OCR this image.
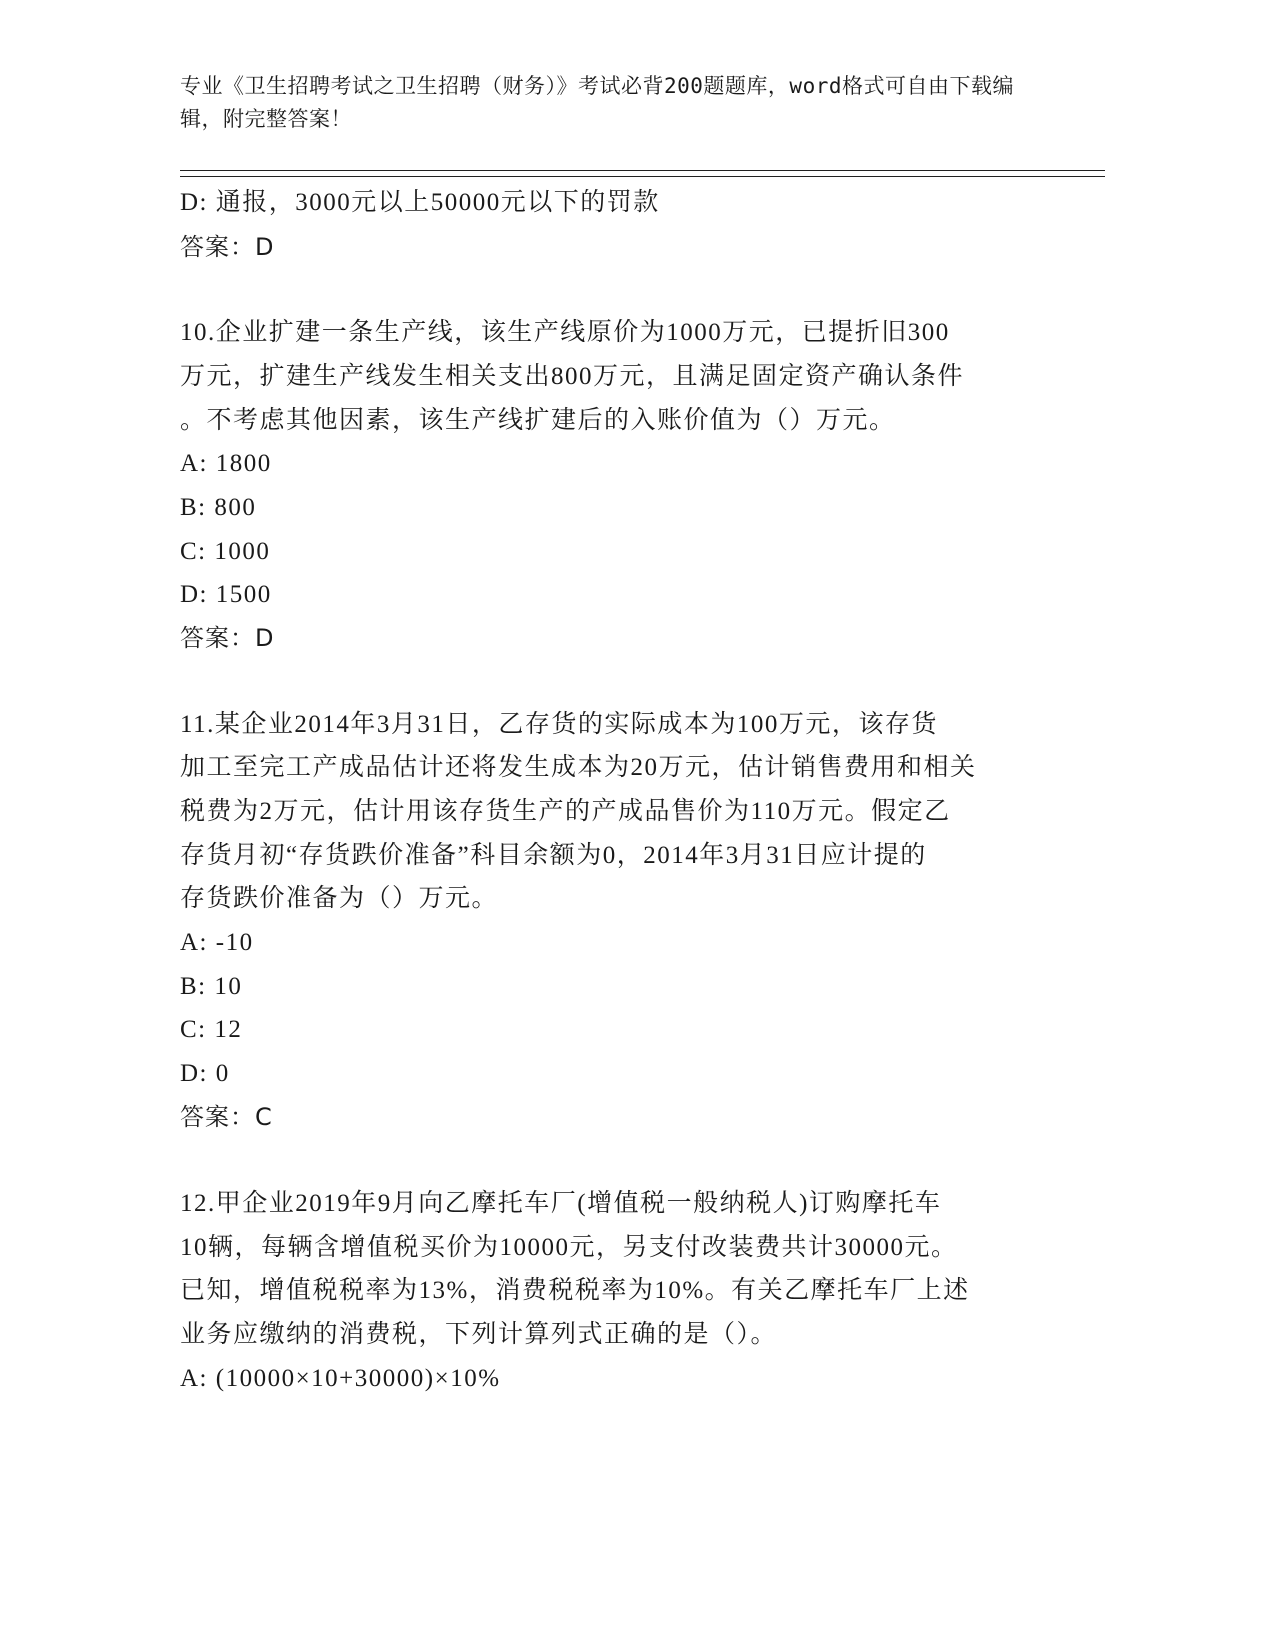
专业《卫生招聘考试之卫生招聘（财务）》考试必背200题题库，word格式可自由下载编辑，附完整答案！
D: 通报，3000元以上50000元以下的罚款
答案：D
10.企业扩建一条生产线，该生产线原价为1000万元，已提折旧300
万元，扩建生产线发生相关支出800万元，且满足固定资产确认条件
。不考虑其他因素，该生产线扩建后的入账价值为（）万元。
A: 1800
B: 800
C: 1000
D: 1500
答案：D
11.某企业2014年3月31日，乙存货的实际成本为100万元，该存货
加工至完工产成品估计还将发生成本为20万元，估计销售费用和相关
税费为2万元，估计用该存货生产的产成品售价为110万元。假定乙
存货月初“存货跌价准备”科目余额为0，2014年3月31日应计提的
存货跌价准备为（）万元。
A: -10
B: 10
C: 12
D: 0
答案：C
12.甲企业2019年9月向乙摩托车厂(增值税一般纳税人)订购摩托车
10辆，每辆含增值税买价为10000元，另支付改装费共计30000元。
已知，增值税税率为13%，消费税税率为10%。有关乙摩托车厂上述
业务应缴纳的消费税，下列计算列式正确的是（）。
A: (10000×10+30000)×10%
